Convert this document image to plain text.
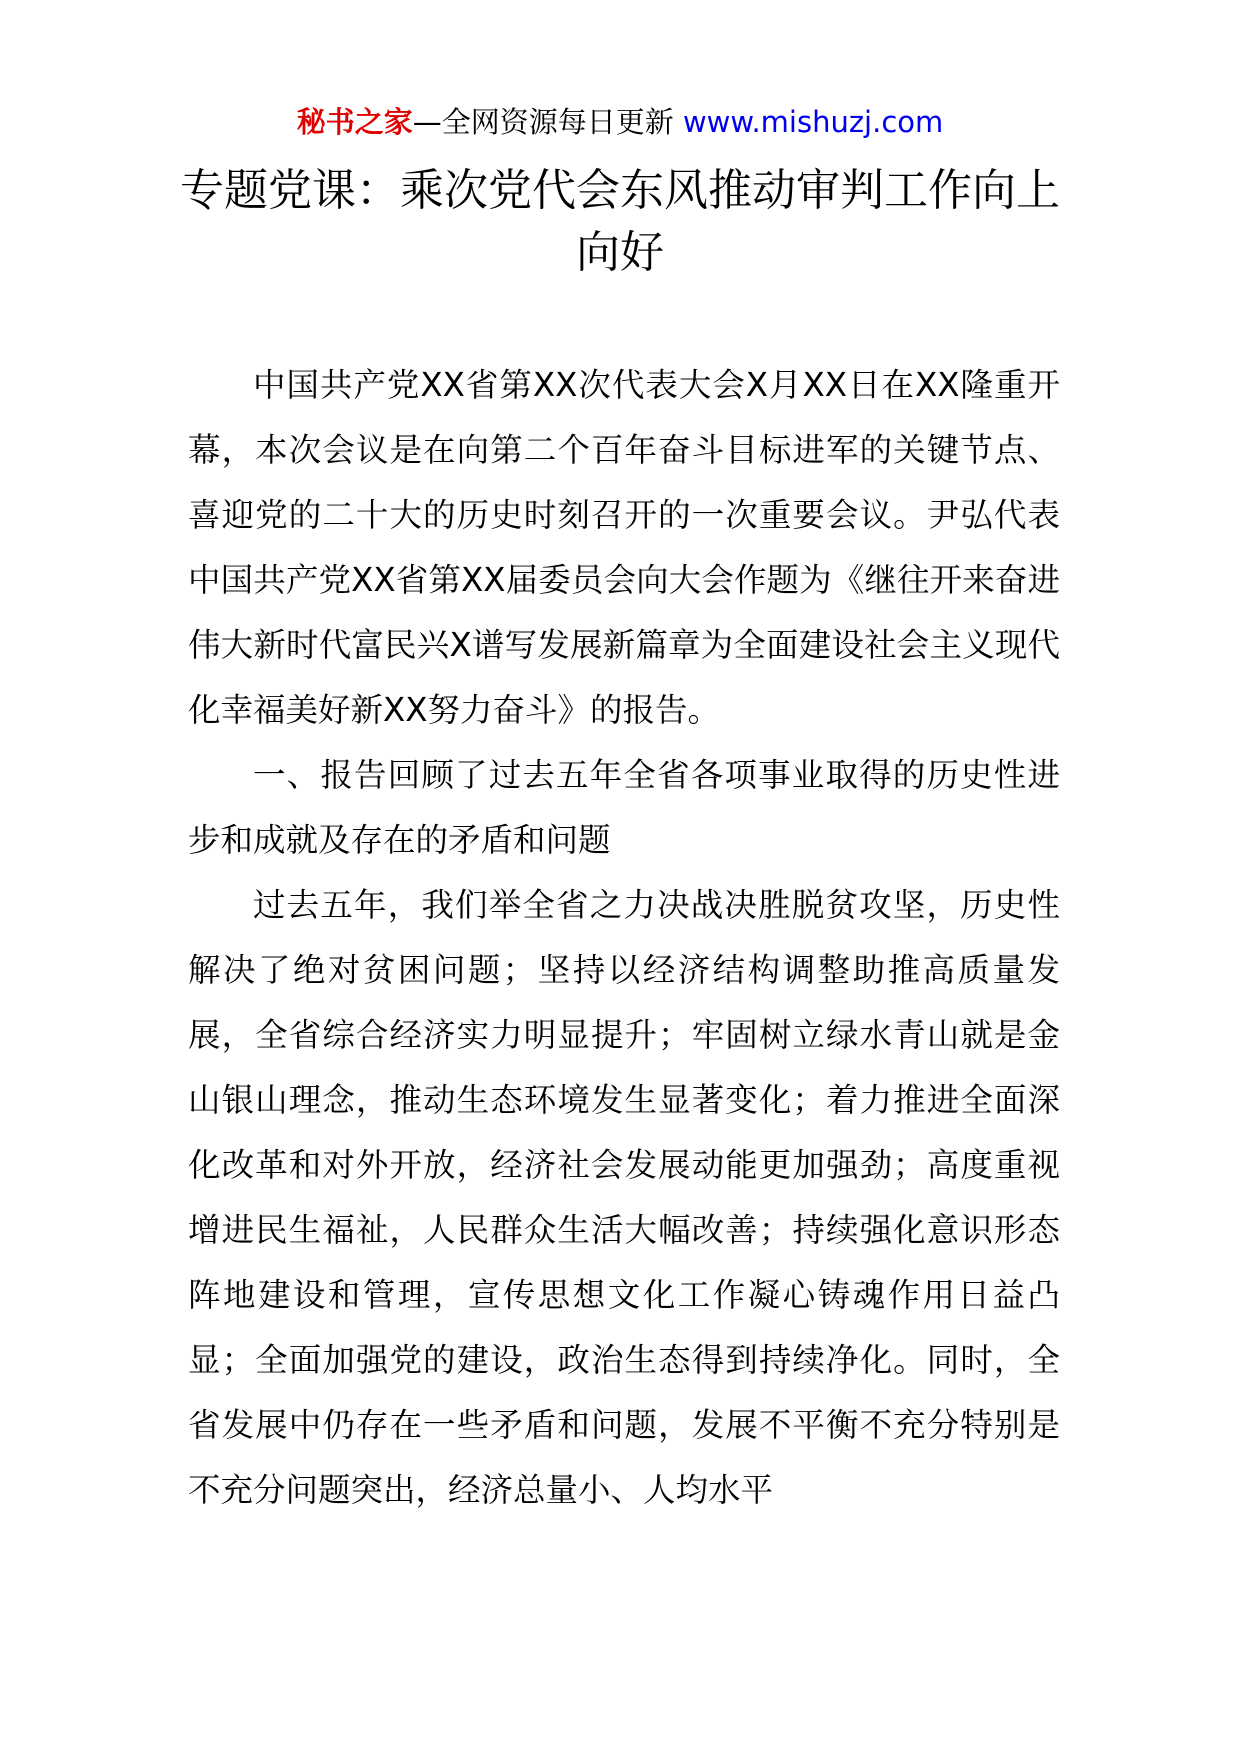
秘书之家—全网资源每日更新 www.mishuzj.com
专题党课：乘次党代会东风推动审判工作向上向好

中国共产党XX省第XX次代表大会X月XX日在XX隆重开幕，本次会议是在向第二个百年奋斗目标进军的关键节点、喜迎党的二十大的历史时刻召开的一次重要会议。尹弘代表中国共产党XX省第XX届委员会向大会作题为《继往开来奋进伟大新时代富民兴X谱写发展新篇章为全面建设社会主义现代化幸福美好新XX努力奋斗》的报告。

一、报告回顾了过去五年全省各项事业取得的历史性进步和成就及存在的矛盾和问题

过去五年，我们举全省之力决战决胜脱贫攻坚，历史性解决了绝对贫困问题；坚持以经济结构调整助推高质量发展，全省综合经济实力明显提升；牢固树立绿水青山就是金山银山理念，推动生态环境发生显著变化；着力推进全面深化改革和对外开放，经济社会发展动能更加强劲；高度重视增进民生福祉，人民群众生活大幅改善；持续强化意识形态阵地建设和管理，宣传思想文化工作凝心铸魂作用日益凸显；全面加强党的建设，政治生态得到持续净化。同时，全省发展中仍存在一些矛盾和问题，发展不平衡不充分特别是不充分问题突出，经济总量小、人均水平
